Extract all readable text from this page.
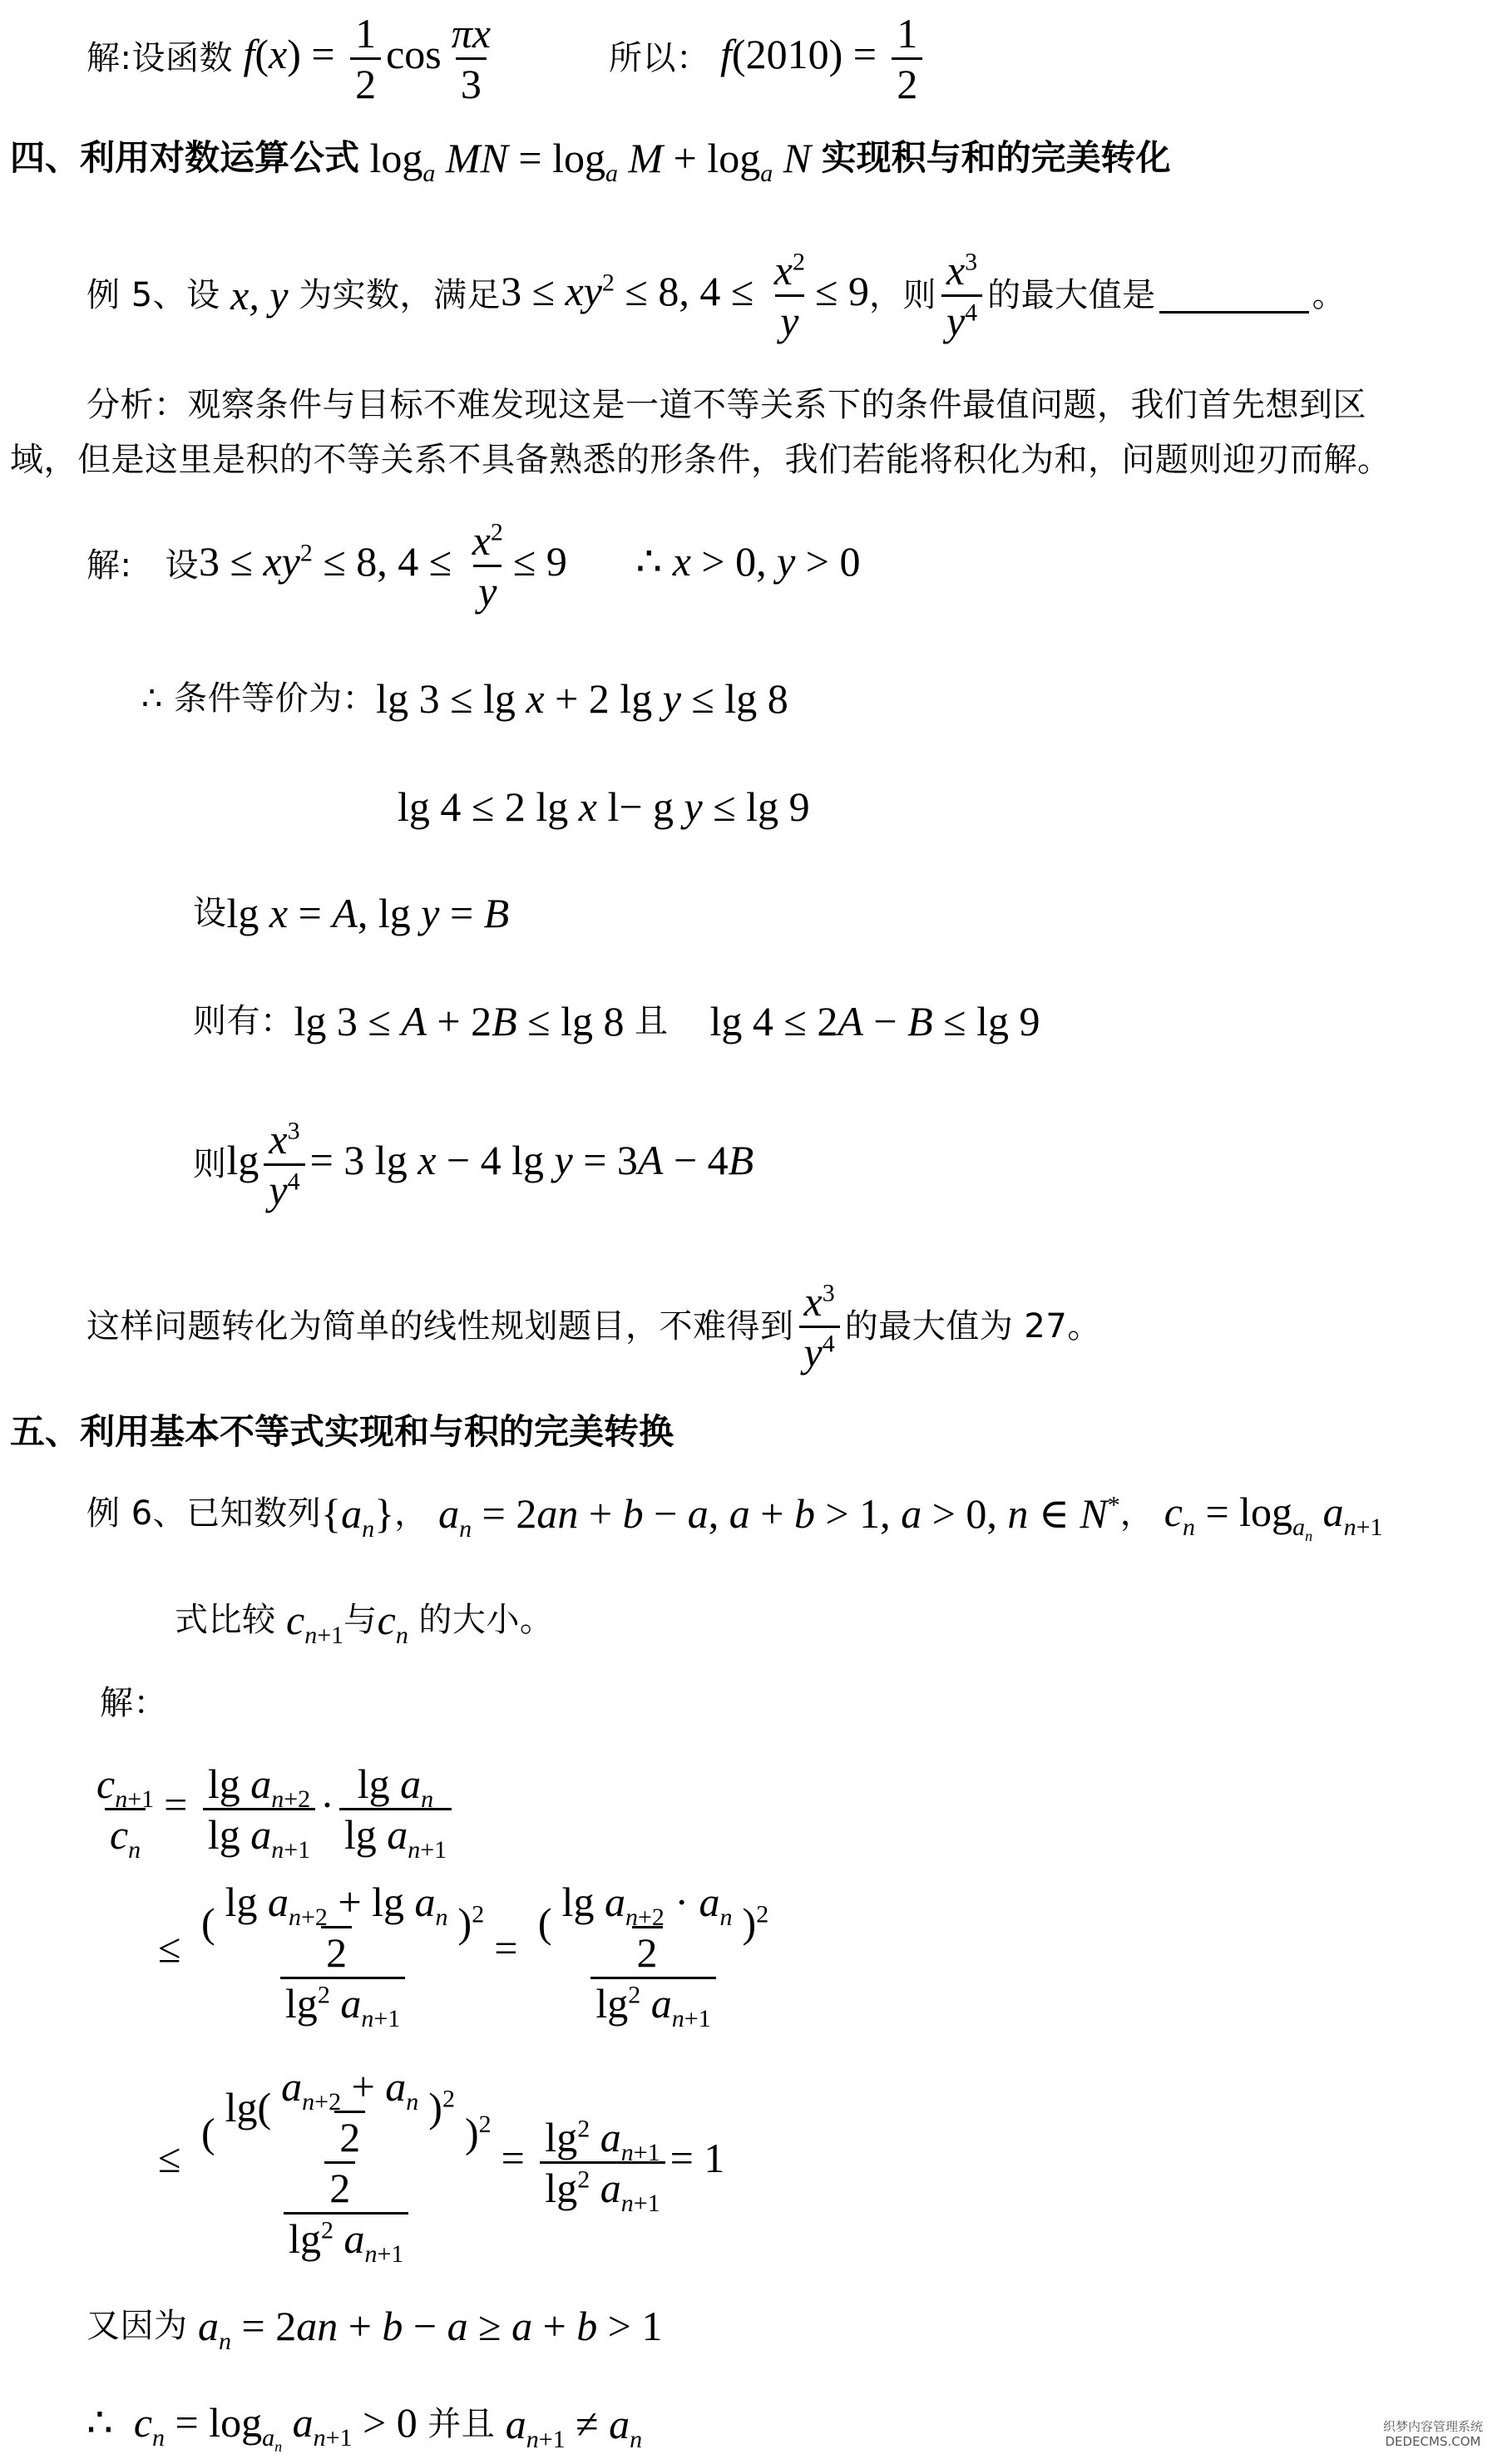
解:设函数 $f(x) = \frac{1}{2}$ $\cos \frac{\pi x}{3}$	所以： $f(2010) = \frac{1}{2}$
四、利用对数运算公式 $\log_a$ MN = $\log_a M + \log_a N$ 实现积与和的完美转化
例 5、设 x, y 为实数，满足 $3 \le xy^2 \le 8$, $4 \le \frac{x^2}{y} \le 9$ ，则 $\frac{x^3}{y^4}$ 的最大值是	。
分析：观察条件与目标不难发现这是一道不等关系下的条件最值问题，我们首先想到区
域，但是这里是积的不等关系不具备熟悉的形条件，我们若能将积化为和，问题则迎刃而解。
解: 设 $3 \le xy^2 \le 8$, $4 \le \frac{x^2}{y} \le 9$ ∴ x > 0, y > 0
∴ 条件等价为： lg 3 ≤ lg x + 2 lg y ≤ lg 8
lg 4 ≤ 2 lg x l− g y ≤ lg 9
设 lg x = A, lg y = B
则有： lg 3 ≤ A + 2B ≤ lg 8 且 lg 4 ≤ 2A − B ≤ lg 9
则 $\lg \frac{x^3}{y^4} = 3$ lg x − 4 lg y = 3A − 4B
这样问题转化为简单的线性规划题目，不难得到 $\frac{x^3}{y^4}$ 的最大值为 27。
五、利用基本不等式实现和与积的完美转换
例 6、已知数列 $\{a_n\}$ ， $a_n = 2an + b - a$, a + b > 1, a > 0, n ∈ N* ， $c_n = \log_{a_n} a_{n+1}$
式比较 $c_{n+1}$ 与 $c_n$ 的大小。
解：
$\frac{c_{n+1}}{c_n} = \frac{\lg a_{n+2}}{\lg a_{n+1}} \cdot \frac{\lg a_n}{\lg a_{n+1}}$
≤ $\frac{( \frac{\lg a_{n+2} + \lg a_n}{2} )^2}{\lg^2 a_{n+1}} = \frac{( \frac{\lg a_{n+2} \cdot a_n}{2} )^2}{\lg^2 a_{n+1}}$
≤ $\frac{( \frac{\lg( \frac{a_{n+2} + a_n}{2} )^2}{2} )^2}{\lg^2 a_{n+1}} = \frac{\lg^2 a_{n+1}}{\lg^2 a_{n+1}} = 1$
又因为 $a_n = 2an + b - a \ge a + b > 1$
∴  $c_n = \log_{a_n} a_{n+1} > 0$ 并且 $a_{n+1} \ne a_n$	织梦内容管理系统 DEDECMS.COM
